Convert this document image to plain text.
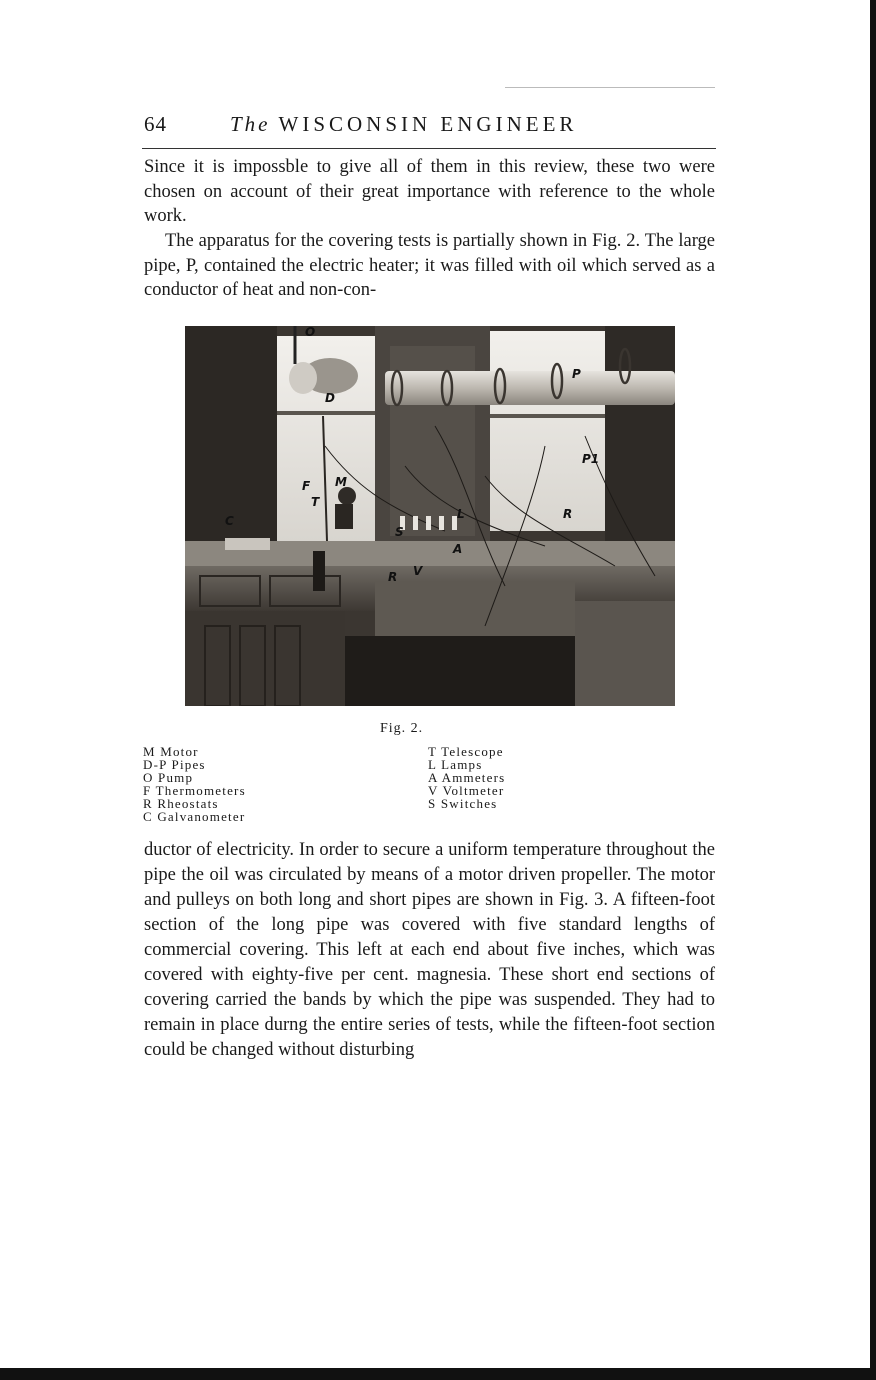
64	The WISCONSIN ENGINEER

Since it is impossble to give all of them in this review, these two were chosen on account of their great importance with reference to the whole work.

The apparatus for the covering tests is partially shown in Fig. 2. The large pipe, P, contained the electric heater; it was filled with oil which served as a conductor of heat and non-con-

O
D
P
P1
M
F
T
C
S
L	R
A
V
R
Fig. 2.
M Motor
D-P Pipes
O Pump
F Thermometers
R Rheostats
C Galvanometer
T Telescope
L Lamps
A Ammeters
V Voltmeter
S Switches

ductor of electricity. In order to secure a uniform temperature throughout the pipe the oil was circulated by means of a motor driven propeller. The motor and pulleys on both long and short pipes are shown in Fig. 3. A fifteen-foot section of the long pipe was covered with five standard lengths of commercial covering. This left at each end about five inches, which was covered with eighty-five per cent. magnesia. These short end sections of covering carried the bands by which the pipe was suspended. They had to remain in place durng the entire series of tests, while the fifteen-foot section could be changed without disturbing
